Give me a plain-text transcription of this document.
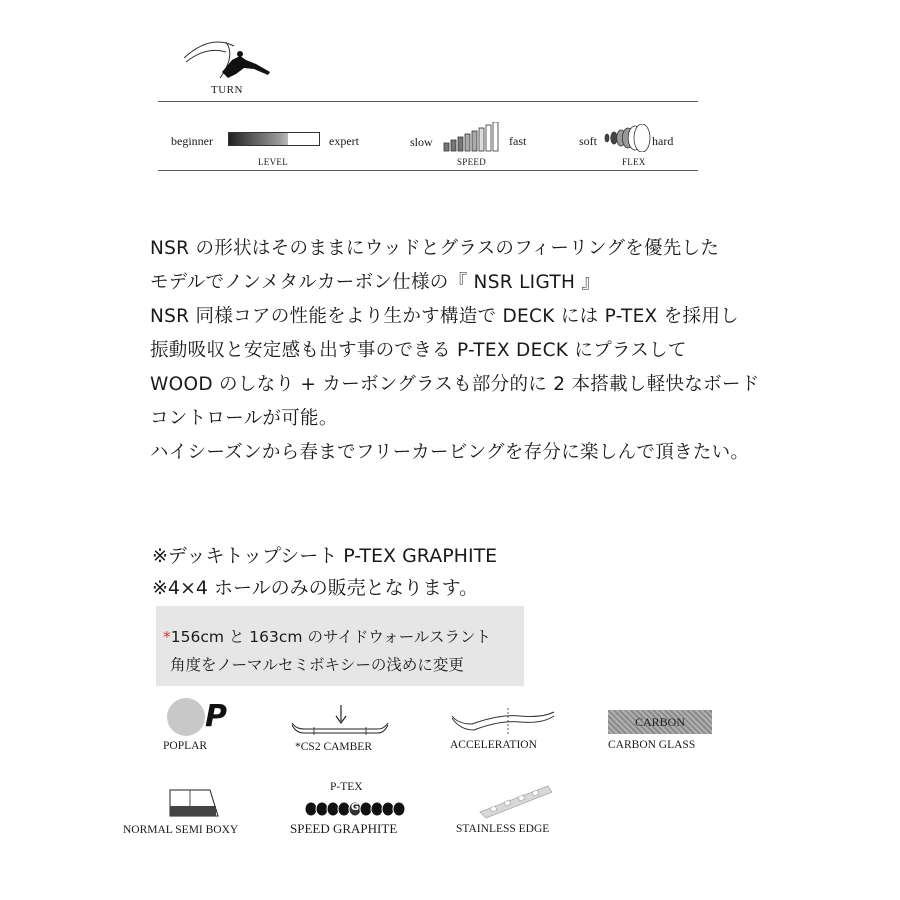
TURN
beginner	expert
LEVEL
slow	fast
SPEED
soft	hard
FLEX
NSR の形状はそのままにウッドとグラスのフィーリングを優先した
モデルでノンメタルカーボン仕様の『 NSR LIGTH 』
NSR 同様コアの性能をより生かす構造で DECK には P-TEX を採用し
振動吸収と安定感も出す事のできる P-TEX DECK にプラスして
WOOD のしなり + カーボングラスも部分的に 2 本搭載し軽快なボード
コントロールが可能。
ハイシーズンから春までフリーカービングを存分に楽しんで頂きたい。
※デッキトップシート P-TEX GRAPHITE
※4×4 ホールのみの販売となります。
*156cm と 163cm のサイドウォールスラント
角度をノーマルセミボキシーの浅めに変更
P
POPLAR	*CS2 CAMBER	ACCELERATION
CARBON
CARBON GLASS
NORMAL SEMI BOXY
P-TEX
G
SPEED GRAPHITE	STAINLESS EDGE
